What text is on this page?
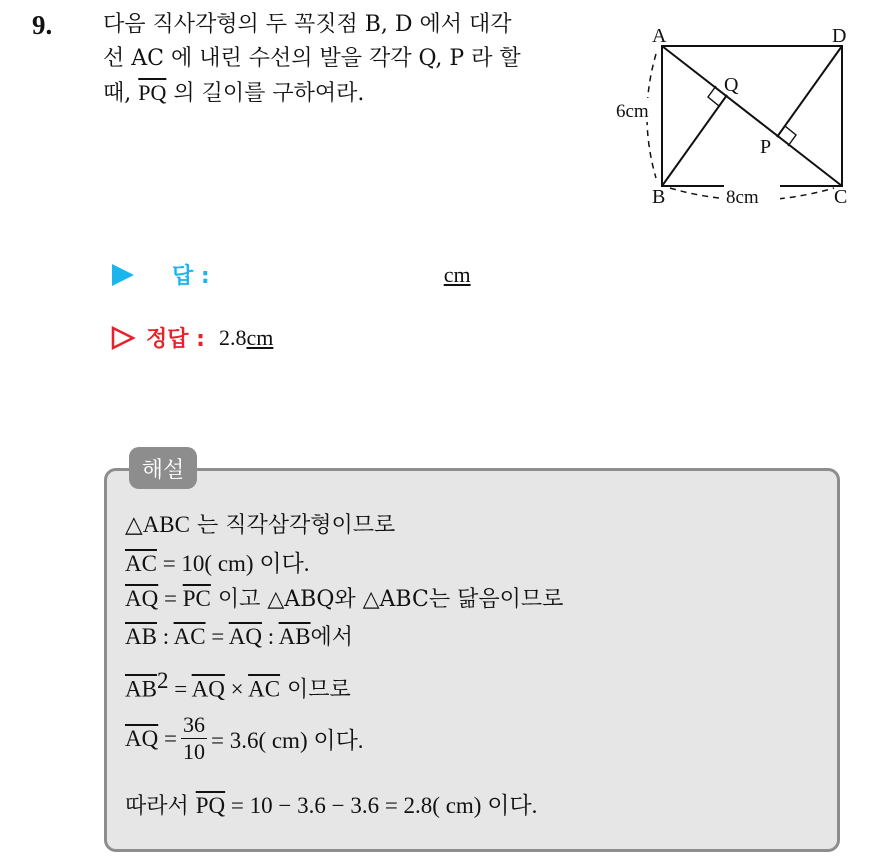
9. 다음 직사각형의 두 꼭짓점 B, D 에서 대각
선 AC 에 내린 수선의 발을 각각 Q, P 라 할
때, $\overline{PQ}$ 의 길이를 구하여라.
A	D
B	C
Q
P
6cm
8cm
답 :	cm
정답 : 2.8 cm
해설
△ABC 는 직각삼각형이므로
$\overline{AC} = 10$( cm) 이다.
$\overline{AQ} = \overline{PC}$ 이고 △ABQ와 △ABC는 닮음이므로
$\overline{AB}$ : $\overline{AC} = \overline{AQ}$ : $\overline{AB}$에서
$\overline{AB}^2 = \overline{AQ} \times \overline{AC}$ 이므로
$\overline{AQ} = \frac{36}{10} = 3.6$( cm) 이다.
따라서 $\overline{PQ} = 10 - 3.6 - 3.6 = 2.8$( cm) 이다.
